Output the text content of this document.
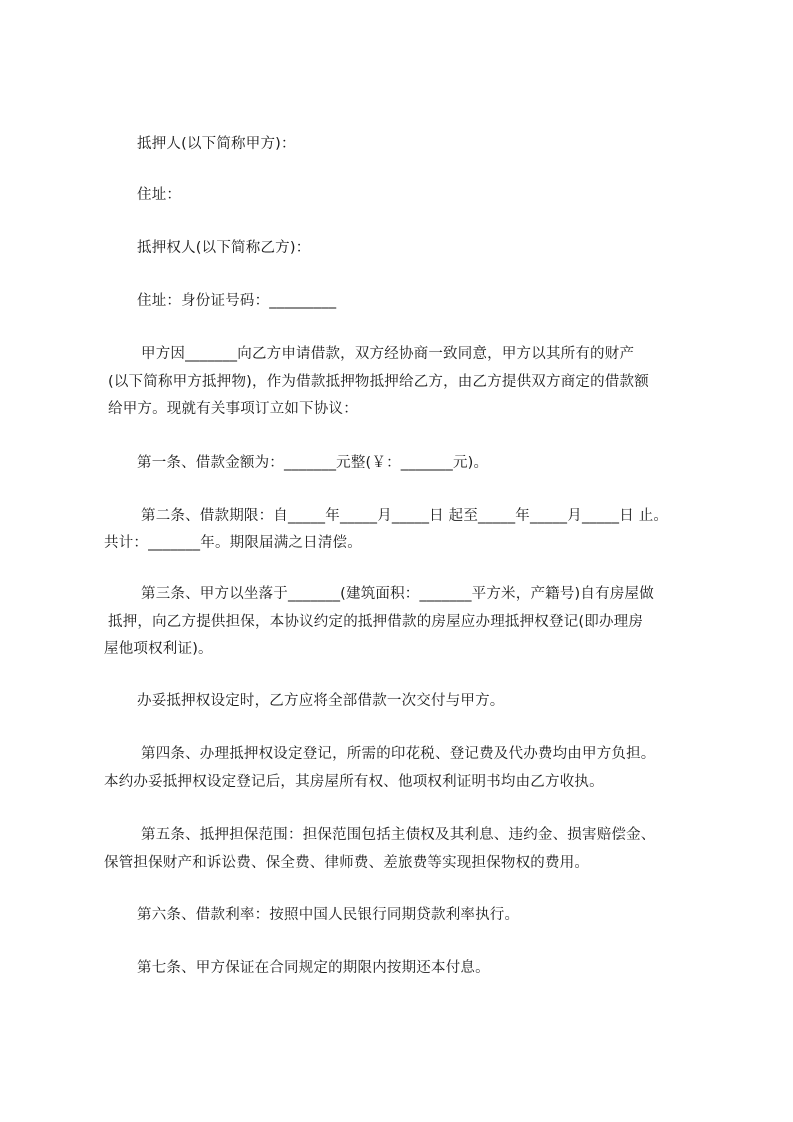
抵押人(以下简称甲方)：
住址：
抵押权人(以下简称乙方)：
住址：身份证号码：_________
甲方因_______向乙方申请借款，双方经协商一致同意，甲方以其所有的财产
(以下简称甲方抵押物)，作为借款抵押物抵押给乙方，由乙方提供双方商定的借款额
给甲方。现就有关事项订立如下协议：
第一条、借款金额为：_______元整(￥：_______元)。
第二条、借款期限：自_____年_____月_____日 起至_____年_____月_____日 止。
共计：_______年。期限届满之日清偿。
第三条、甲方以坐落于_______(建筑面积：_______平方米，产籍号)自有房屋做
抵押，向乙方提供担保，本协议约定的抵押借款的房屋应办理抵押权登记(即办理房
屋他项权利证)。
办妥抵押权设定时，乙方应将全部借款一次交付与甲方。
第四条、办理抵押权设定登记，所需的印花税、登记费及代办费均由甲方负担。
本约办妥抵押权设定登记后，其房屋所有权、他项权利证明书均由乙方收执。
第五条、抵押担保范围：担保范围包括主债权及其利息、违约金、损害赔偿金、
保管担保财产和诉讼费、保全费、律师费、差旅费等实现担保物权的费用。
第六条、借款利率：按照中国人民银行同期贷款利率执行。
第七条、甲方保证在合同规定的期限内按期还本付息。
